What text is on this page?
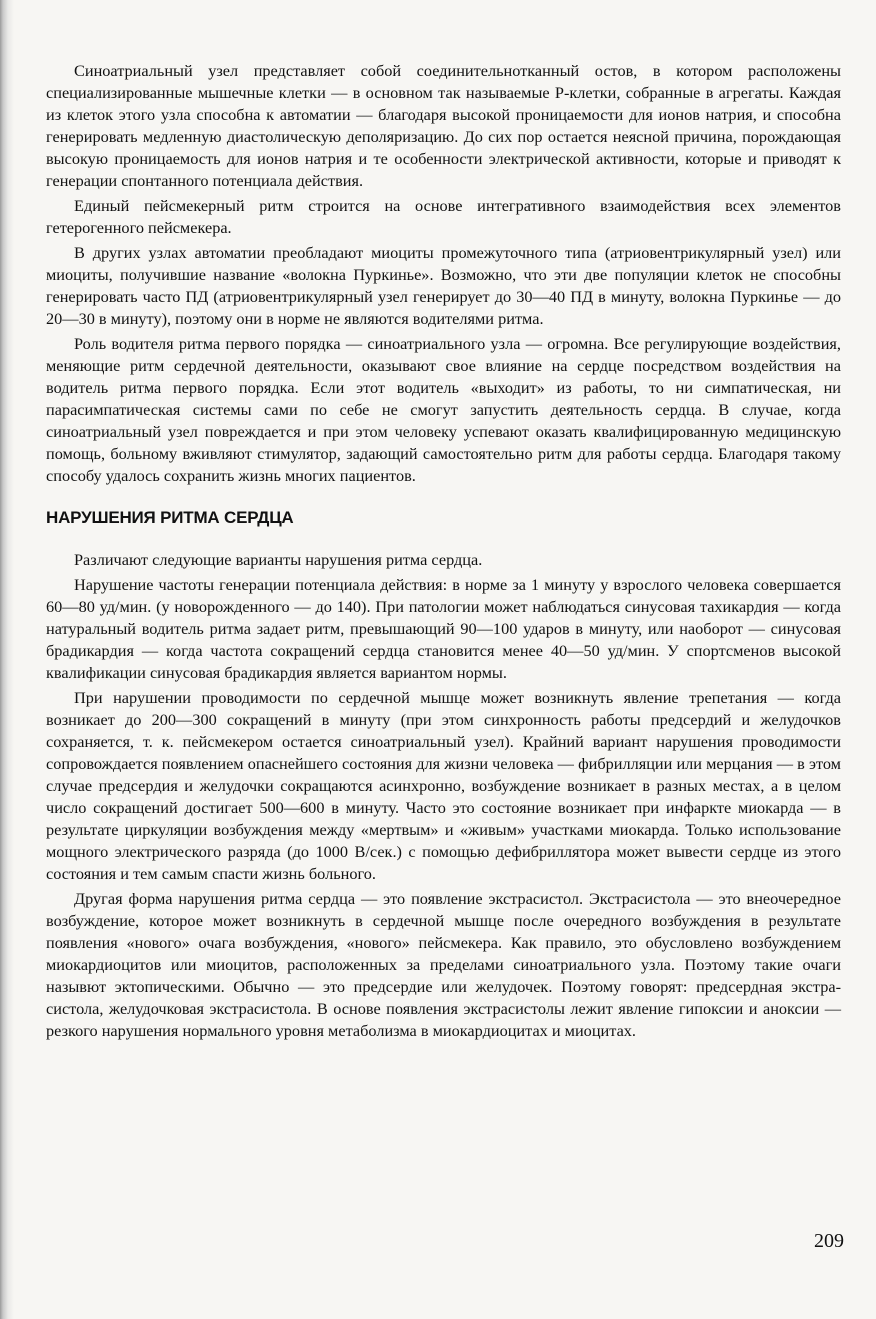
Синоатриальный узел представляет собой соединительнотканный остов, в котором расположены специализированные мышечные клетки — в основном так называемые Р-клетки, собранные в агрегаты. Каждая из клеток этого узла способна к автоматии — благодаря высокой проницаемости для ионов натрия, и способна генерировать медленную диастолическую деполяризацию. До сих пор остается неясной причина, порождающая высокую проницаемость для ионов натрия и те особенности электрической активности, которые и приводят к генерации спонтанного потенциала действия.

Единый пейсмекерный ритм строится на основе интегративного взаимодействия всех элементов гетерогенного пейсмекера.

В других узлах автоматии преобладают миоциты промежуточного типа (атриовентрикулярный узел) или миоциты, получившие название «волокна Пуркинье». Возможно, что эти две популяции клеток не способны генерировать часто ПД (атриовентрикулярный узел генерирует до 30—40 ПД в минуту, волокна Пуркинье — до 20—30 в минуту), поэтому они в норме не являются водителями ритма.

Роль водителя ритма первого порядка — синоатриального узла — огромна. Все регулирующие воздействия, меняющие ритм сердечной деятельности, оказывают свое влияние на сердце посредством воздействия на водитель ритма первого порядка. Если этот водитель «выходит» из работы, то ни симпатическая, ни парасимпатическая системы сами по себе не смогут запустить деятельность сердца. В случае, когда синоатриальный узел повреждается и при этом человеку успевают оказать квалифицированную медицинскую помощь, больному вживляют стимулятор, задающий самостоятельно ритм для работы сердца. Благодаря такому способу удалось сохранить жизнь многих пациентов.

НАРУШЕНИЯ РИТМА СЕРДЦА

Различают следующие варианты нарушения ритма сердца.

Нарушение частоты генерации потенциала действия: в норме за 1 минуту у взрослого человека совершается 60—80 уд/мин. (у новорожденного — до 140). При патологии может наблюдаться синусовая тахикардия — когда натуральный водитель ритма задает ритм, превышающий 90—100 ударов в минуту, или наоборот — синусовая брадикардия — когда частота сокращений сердца становится менее 40—50 уд/мин. У спортсменов высокой квалификации синусовая брадикардия является вариантом нормы.

При нарушении проводимости по сердечной мышце может возникнуть явление трепетания — когда возникает до 200—300 сокращений в минуту (при этом синхронность работы предсердий и желудочков сохраняется, т. к. пейсмекером остается синоатриальный узел). Крайний вариант нарушения проводимости сопровождается появлением опаснейшего состояния для жизни человека — фибрилляции или мерцания — в этом случае предсердия и желудочки сокращаются асинхронно, возбуждение возникает в разных местах, а в целом число сокращений достигает 500—600 в минуту. Часто это состояние возникает при инфаркте миокарда — в результате циркуляции возбуждения между «мертвым» и «живым» участками миокарда. Только использование мощного электрического разряда (до 1000 В/сек.) с помощью дефибриллятора может вывести сердце из этого состояния и тем самым спасти жизнь больного.

Другая форма нарушения ритма сердца — это появление экстрасистол. Экстрасистола — это внеочередное возбуждение, которое может возникнуть в сердечной мышце после очередного возбуждения в результате появления «нового» очага возбуждения, «нового» пейсмекера. Как правило, это обусловлено возбуждением миокардиоцитов или миоцитов, расположенных за пределами синоатриального узла. Поэтому такие очаги назывют эктопическими. Обычно — это предсердие или желудочек. Поэтому говорят: предсердная экстрасистола, желудочковая экстрасистола. В основе появления экстрасистолы лежит явление гипоксии и аноксии — резкого нарушения нормального уровня метаболизма в миокардиоцитах и миоцитах.

209
